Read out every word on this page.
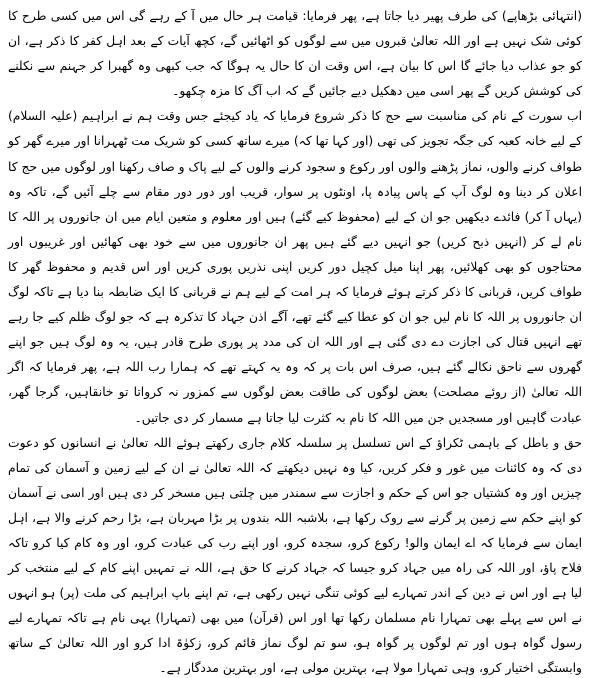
(انتہائی بڑھاپے) کی طرف پھیر دیا جاتا ہے، پھر فرمایا: قیامت ہر حال میں آ کے رہے گی اس میں کسی طرح کا کوئی شک نہیں ہے اور اللہ تعالیٰ قبروں میں سے لوگوں کو اٹھائیں گے، کچھ آیات کے بعد اہل کفر کا ذکر ہے، ان کو جو عذاب دیا جائے گا اس کا بیان ہے، اس وقت ان کا حال یہ ہوگا کہ جب کبھی وہ گھبرا کر جہنم سے نکلنے کی کوشش کریں گے پھر اسی میں دھکیل دیے جائیں گے کہ اب آگ کا مزہ چکھو۔

اب سورت کے نام کی مناسبت سے حج کا ذکر شروع فرمایا کہ یاد کیجئے جس وقت ہم نے ابراہیم (علیہ السلام) کے لیے خانہ کعبہ کی جگہ تجویز کی تھی (اور کہا تھا کہ) میرے ساتھ کسی کو شریک مت ٹھہرانا اور میرے گھر کو طواف کرنے والوں، نماز پڑھنے والوں اور رکوع و سجود کرنے والوں کے لیے پاک و صاف رکھنا اور لوگوں میں حج کا اعلان کر دینا وہ لوگ آپ کے پاس پیادہ پا، اونٹوں پر سوار، قریب اور دور دور مقام سے چلے آئیں گے، تاکہ وہ (یہاں آ کر) فائدے دیکھیں جو ان کے لیے (محفوظ کیے گئے) ہیں اور معلوم و متعین ایام میں ان جانوروں پر اللہ کا نام لے کر (انہیں ذبح کریں) جو انہیں دیے گئے ہیں پھر ان جانوروں میں سے خود بھی کھائیں اور غریبوں اور محتاجوں کو بھی کھلائیں، پھر اپنا میل کچیل دور کریں اپنی نذریں پوری کریں اور اس قدیم و محفوظ گھر کا طواف کریں، قربانی کا ذکر کرتے ہوئے فرمایا کہ ہر امت کے لیے ہم نے قربانی کا ایک ضابطہ بنا دیا ہے تاکہ لوگ ان جانوروں پر اللہ کا نام لیں جو ان کو عطا کیے گئے تھے، آگے اذن جہاد کا تذکرہ ہے کہ جو لوگ ظلم کیے جا رہے تھے انہیں قتال کی اجازت دے دی گئی ہے اور اللہ ان کی مدد پر پوری طرح قادر ہیں، یہ وہ لوگ ہیں جو اپنے گھروں سے ناحق نکالے گئے ہیں، صرف اس بات پر کہ وہ یہ کہتے تھے کہ ہمارا رب اللہ ہے، پھر فرمایا کہ اگر اللہ تعالیٰ (از روئے مصلحت) بعض لوگوں کی طاقت بعض لوگوں سے کمزور نہ کرواتا تو خانقاہیں، گرجا گھر، عبادت گاہیں اور مسجدیں جن میں اللہ کا نام بہ کثرت لیا جاتا ہے مسمار کر دی جاتیں۔

حق و باطل کے باہمی ٹکراؤ کے اس تسلسل پر سلسلہ کلام جاری رکھتے ہوئے اللہ تعالیٰ نے انسانوں کو دعوت دی کہ وہ کائنات میں غور و فکر کریں، کیا وہ نہیں دیکھتے کہ اللہ تعالیٰ نے ان کے لیے زمین و آسمان کی تمام چیزیں اور وہ کشتیاں جو اس کے حکم و اجازت سے سمندر میں چلتی ہیں مسخر کر دی ہیں اور اسی نے آسمان کو اپنے حکم سے زمین پر گرنے سے روک رکھا ہے، بلاشبہ اللہ بندوں پر بڑا مہربان ہے، بڑا رحم کرنے والا ہے، اہل ایمان سے فرمایا کہ اے ایمان والو! رکوع کرو، سجدہ کرو، اور اپنے رب کی عبادت کرو، اور وہ کام کیا کرو تاکہ فلاح پاؤ، اور اللہ کی راہ میں جہاد کرو جیسا کہ جہاد کرنے کا حق ہے، اللہ نے تمہیں اپنے کام کے لیے منتخب کر لیا ہے اور اس نے دین کے اندر تمہارے لیے کوئی تنگی نہیں رکھی ہے، تم اپنے باپ ابراہیم کی ملت (پر) ہو انہوں نے اس سے پہلے بھی تمہارا نام مسلمان رکھا تھا اور اس (قرآن) میں بھی (تمہارا) یہی نام ہے تاکہ تمہارے لیے رسول گواہ ہوں اور تم لوگوں پر گواہ ہو، سو تم لوگ نماز قائم کرو، زکوٰۃ ادا کرو اور اللہ تعالیٰ کے ساتھ وابستگی اختیار کرو، وہی تمہارا مولا ہے، بہترین مولی ہے، اور بہترین مددگار ہے۔
